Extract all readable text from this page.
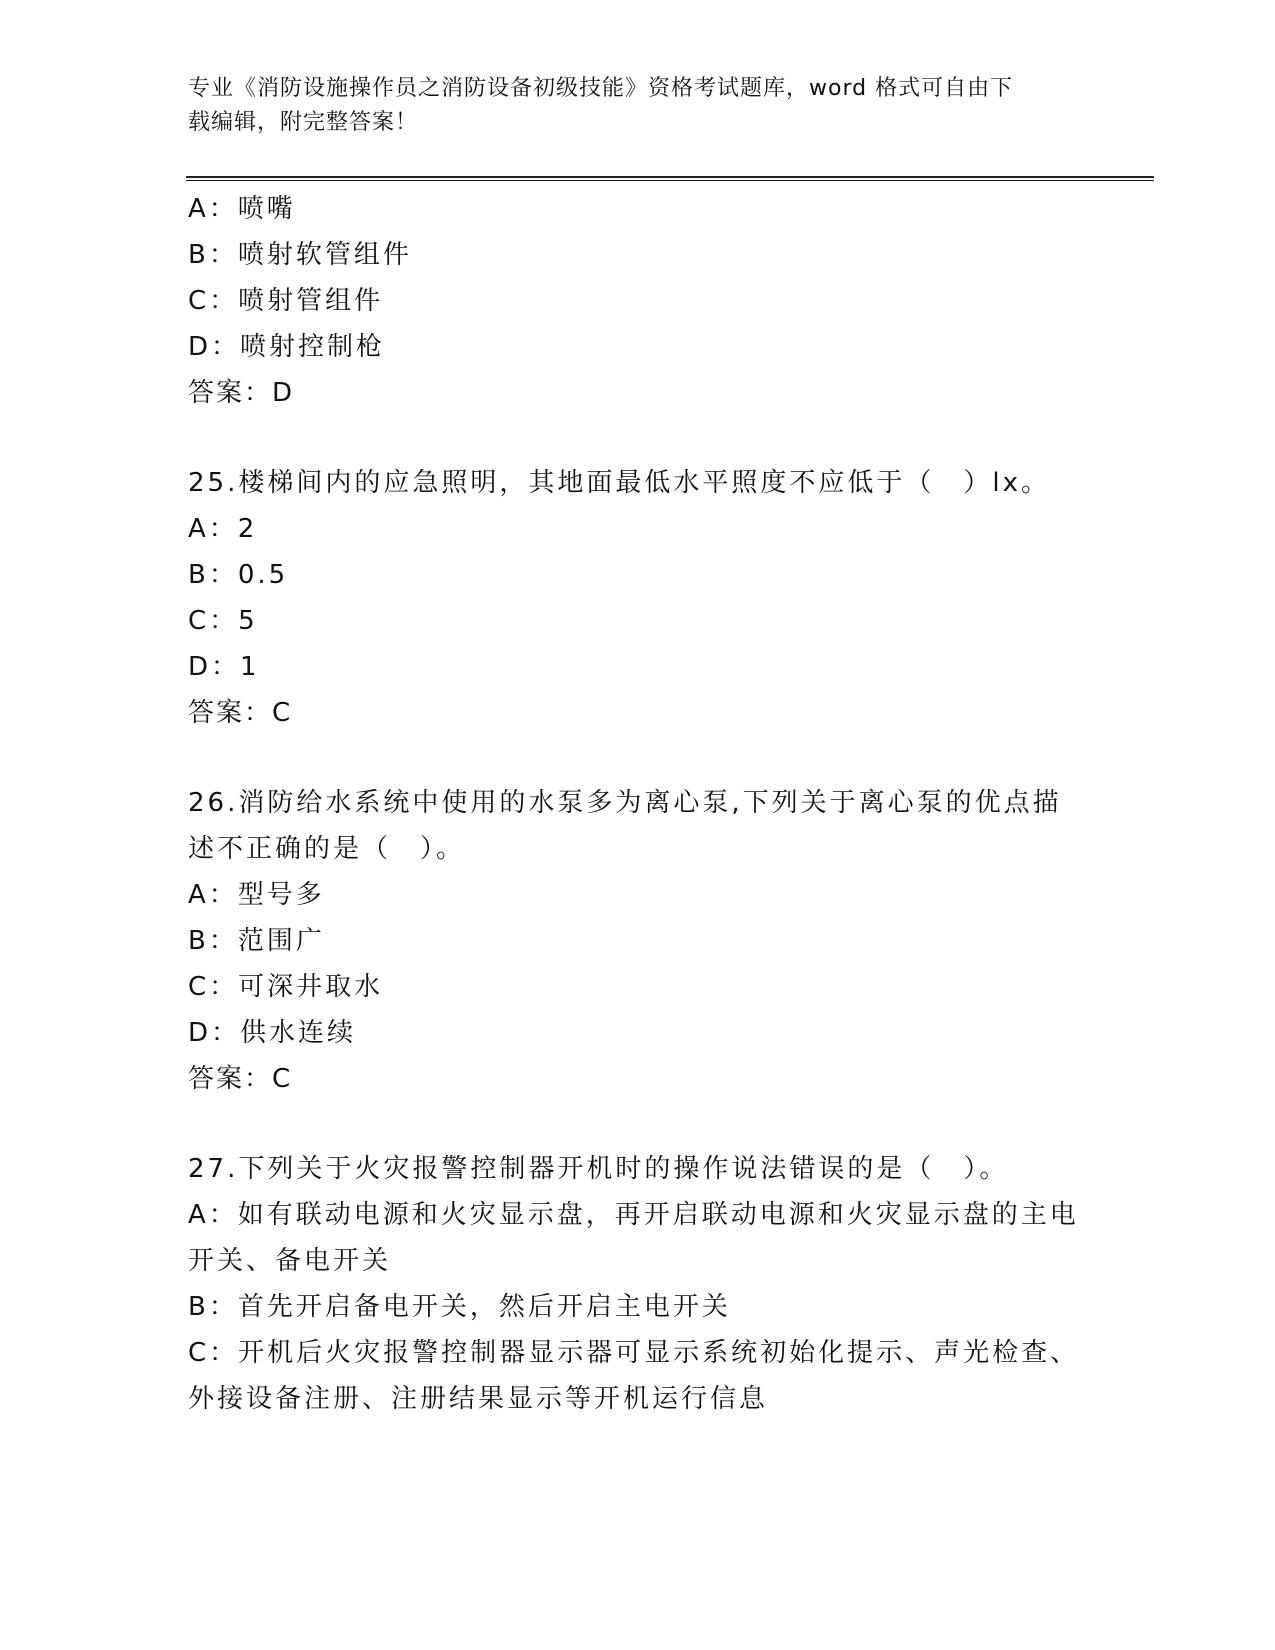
专业《消防设施操作员之消防设备初级技能》资格考试题库，word 格式可自由下
载编辑，附完整答案！
A：喷嘴
B：喷射软管组件
C：喷射管组件
D：喷射控制枪
答案：D
25.楼梯间内的应急照明，其地面最低水平照度不应低于（　）lx。
A：2
B：0.5
C：5
D：1
答案：C
26.消防给水系统中使用的水泵多为离心泵,下列关于离心泵的优点描
述不正确的是（　）。
A：型号多
B：范围广
C：可深井取水
D：供水连续
答案：C
27.下列关于火灾报警控制器开机时的操作说法错误的是（　）。
A：如有联动电源和火灾显示盘，再开启联动电源和火灾显示盘的主电
开关、备电开关
B：首先开启备电开关，然后开启主电开关
C：开机后火灾报警控制器显示器可显示系统初始化提示、声光检查、
外接设备注册、注册结果显示等开机运行信息
